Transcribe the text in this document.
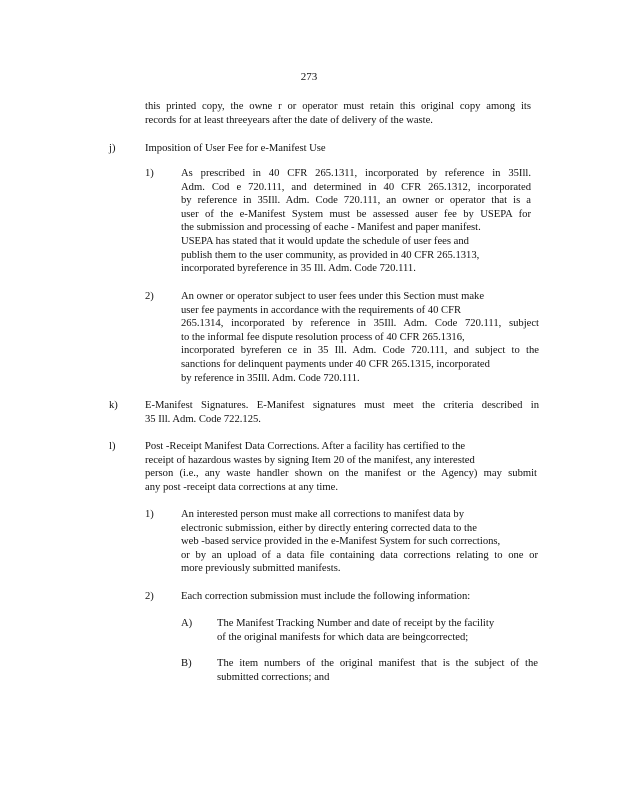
273
this printed copy, the owne r or operator must retain this original copy among its
records for at least threeyears after the date of delivery of the waste.
j)	Imposition of User Fee for e-Manifest Use
1)	As prescribed in 40 CFR 265.1311, incorporated by reference in 35Ill.
Adm. Cod e 720.111, and determined in 40 CFR 265.1312, incorporated
by reference in 35Ill. Adm. Code 720.111, an owner or operator that is a
user of the e-Manifest System must be assessed auser fee by USEPA for
the submission and processing of eache - Manifest and paper manifest.
USEPA has stated that it would update the schedule of user fees and
publish them to the user community, as provided in 40 CFR 265.1313,
incorporated byreference in 35 Ill. Adm. Code 720.111.
2)	An owner or operator subject to user fees under this Section must make
user fee payments in accordance with the requirements of 40 CFR
265.1314, incorporated by reference in 35Ill. Adm. Code 720.111, subject
to the informal fee dispute resolution process of 40 CFR 265.1316,
incorporated byreferen ce in 35 Ill. Adm. Code 720.111, and subject to the
sanctions for delinquent payments under 40 CFR 265.1315, incorporated
by reference in 35Ill. Adm. Code 720.111.
k)	E-Manifest Signatures. E-Manifest signatures must meet the criteria described in
35 Ill. Adm. Code 722.125.
l)	Post -Receipt Manifest Data Corrections. After a facility has certified to the
receipt of hazardous wastes by signing Item 20 of the manifest, any interested
person (i.e., any waste handler shown on the manifest or the Agency) may submit
any post -receipt data corrections at any time.
1)	An interested person must make all corrections to manifest data by
electronic submission, either by directly entering corrected data to the
web -based service provided in the e-Manifest System for such corrections,
or by an upload of a data file containing data corrections relating to one or
more previously submitted manifests.
2)	Each correction submission must include the following information:
A) The Manifest Tracking Number and date of receipt by the facility
of the original manifests for which data are beingcorrected;
B) The item numbers of the original manifest that is the subject of the
submitted corrections; and
